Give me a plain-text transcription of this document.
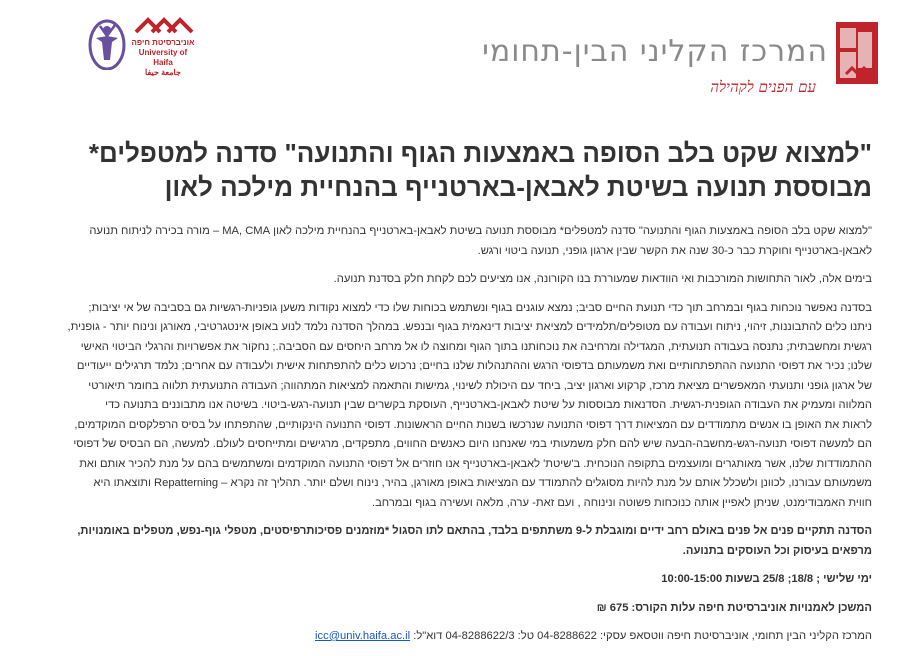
אוניברסיטת חיפה
University of Haifa
جامعة حيفا
המרכז הקליני הבין-תחומי
עם הפנים לקהילה
"למצוא שקט בלב הסופה באמצעות הגוף והתנועה" סדנה למטפלים*
מבוססת תנועה בשיטת לאבאן-בארטנייף בהנחיית מילכה לאון
"למצוא שקט בלב הסופה באמצעות הגוף והתנועה" סדנה למטפלים* מבוססת תנועה בשיטת לאבאן-בארטנייף בהנחיית מילכה לאון MA, CMA – מורה בכירה לניתוח תנועה
לאבאן-בארטנייף וחוקרת כבר כ-30 שנה את הקשר שבין ארגון גופני, תנועה ביטוי ורגש.
בימים אלה, לאור התחושות המורכבות ואי הוודאות שמעוררת בנו הקורונה, אנו מציעים לכם לקחת חלק בסדנת תנועה.
בסדנה נאפשר נוכחות בגוף ובמרחב תוך כדי תנועת החיים סביב; נמצא עוגנים בגוף ונשתמש בכוחות שלו כדי למצוא נקודות משען גופניות-רגשיות גם בסביבה של אי יציבות;
ניתנו כלים להתבוננות, זיהוי, ניתוח ועבודה עם מטופלים/תלמידים למציאת יציבות דינאמית בגוף ובנפש. במהלך הסדנה נלמד לנוע באופן אינטגרטיבי, מאורגן ונינוח יותר - גופנית,
רגשית ומחשבתית; נתנסה בעבודה תנועתית, המגדילה ומרחיבה את נוכחותנו בתוך הגוף ומחוצה לו אל מרחב היחסים עם הסביבה.; נחקור את אפשרויות והרגלי הביטוי האישי
שלנו; נכיר את דפוסי התנועה ההתפתחותיים ואת משמעותם בדפוסי הרגש וההתנהלות שלנו בחיים; נרכוש כלים להתפתחות אישית ולעבודה עם אחרים; נלמד תרגילים ייעודיים
של ארגון גופני ותנועתי המאפשרים מציאת מרכז, קרקוע וארגון יציב, ביחד עם היכולת לשינוי, גמישות והתאמה למציאות המתהווה; העבודה התנועתית תלווה בחומר תיאורטי
המלווה ומעמיק את העבודה הגופנית-רגשית. הסדנאות מבוססות על שיטת לאבאן-בארטנייף, העוסקת בקשרים שבין תנועה-רגש-ביטוי. בשיטה אנו מתבוננים בתנועה כדי
לראות את האופן בו אנשים מתמודדים עם המציאות דרך דפוסי התנועה שנרכשו בשנות החיים הראשונות. דפוסי התנועה הינקותיים, שהתפתחו על בסיס הרפלקסים המוקדמים,
הם למעשה דפוסי תנועה-רגש-מחשבה-הבעה שיש להם חלק משמעותי במי שאנחנו היום כאנשים החווים, מתפקדים, מרגישים ומתייחסים לעולם. למעשה, הם הבסיס של דפוסי
ההתמודדות שלנו, אשר מאותגרים ומועצמים בתקופה הנוכחית. ב'שיטת' לאבאן-בארטנייף אנו חוזרים אל דפוסי התנועה המוקדמים ומשתמשים בהם על מנת להכיר אותם ואת
משמעותם עבורנו, לכוונן ולשכלל אותם על מנת להיות מסוגלים להתמודד עם המציאות באופן מאורגן, בהיר, נינוח ושלם יותר. תהליך זה נקרא – Repatterning ותוצאתו היא
חווית האמבודימנט, שניתן לאפיין אותה כנוכחות פשוטה ונינוחה , ועם זאת- ערה, מלאה ועשירה בגוף ובמרחב.
הסדנה תתקיים פנים אל פנים באולם רחב ידיים ומוגבלת ל-9 משתתפים בלבד, בהתאם לתו הסגול *מוזמנים פסיכותרפיסטים, מטפלי גוף-נפש, מטפלים באומנויות,
מרפאים בעיסוק וכל העוסקים בתנועה.
ימי שלישי ; 18/8; 25/8 בשעות 10:00-15:00
המשכן לאמנויות אוניברסיטת חיפה עלות הקורס: 675 ₪
המרכז הקליני הבין תחומי, אוניברסיטת חיפה ווטסאפ עסקי: 04-8288622 טל: 04-8288622/3 דוא"ל: icc@univ.haifa.ac.il
